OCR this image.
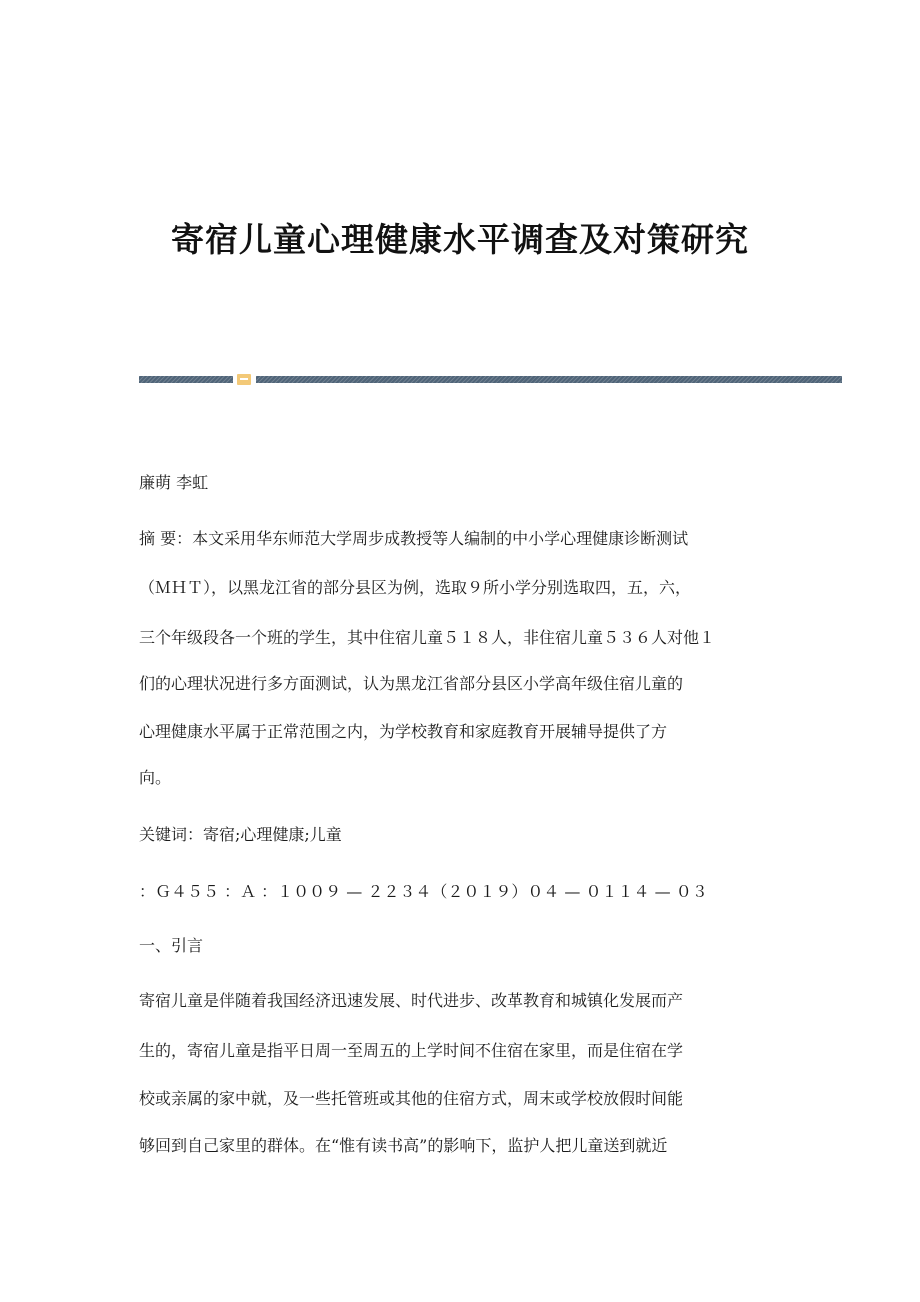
寄宿儿童心理健康水平调查及对策研究
廉萌 李虹
摘 要：本文采用华东师范大学周步成教授等人编制的中小学心理健康诊断测试
（ＭＨＴ），以黑龙江省的部分县区为例，选取９所小学分别选取四，五，六，
三个年级段各一个班的学生，其中住宿儿童５１８人，非住宿儿童５３６人对他１
们的心理状况进行多方面测试，认为黑龙江省部分县区小学高年级住宿儿童的
心理健康水平属于正常范围之内，为学校教育和家庭教育开展辅导提供了方
向。
关键词：寄宿;心理健康;儿童
：Ｇ４５５ ：Ａ ：１００９ — ２２３４（２０１９）０４ — ０１１４ — ０３
一、引言
寄宿儿童是伴随着我国经济迅速发展、时代进步、改革教育和城镇化发展而产
生的，寄宿儿童是指平日周一至周五的上学时间不住宿在家里，而是住宿在学
校或亲属的家中就，及一些托管班或其他的住宿方式，周末或学校放假时间能
够回到自己家里的群体。在“惟有读书高”的影响下，监护人把儿童送到就近
